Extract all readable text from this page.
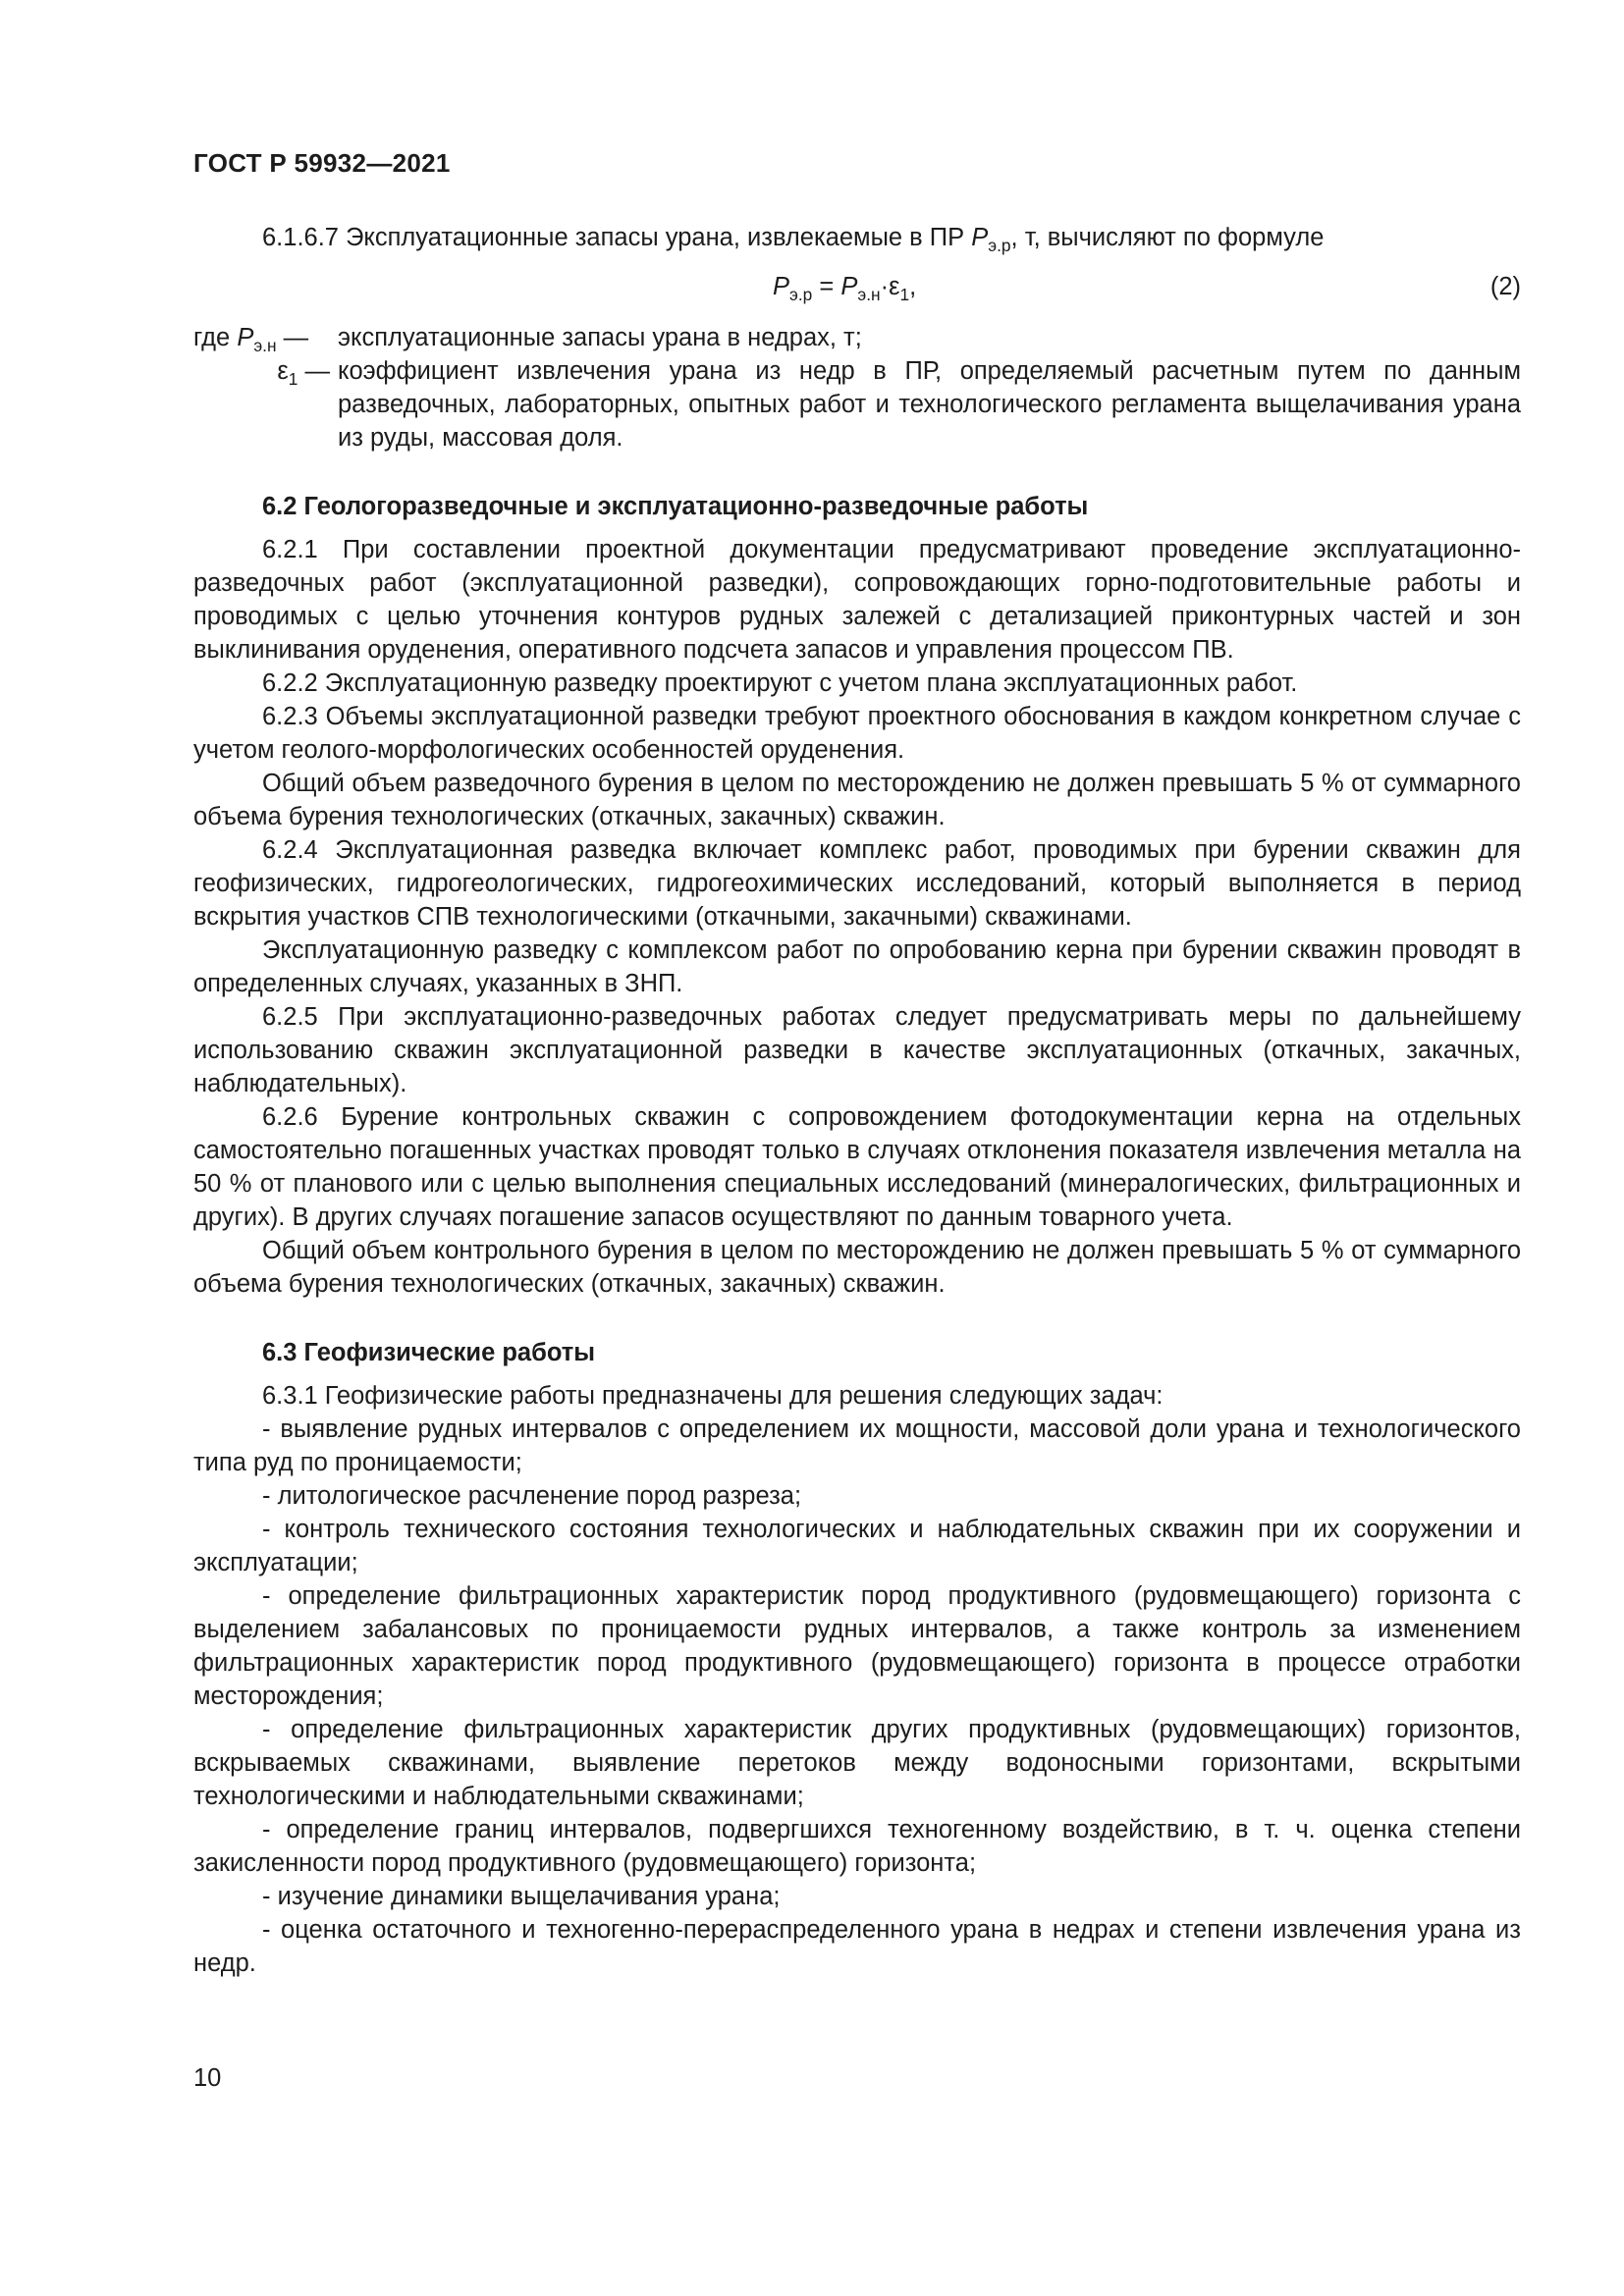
ГОСТ Р 59932—2021

6.1.6.7 Эксплуатационные запасы урана, извлекаемые в ПР $P_{э.р}$, т, вычисляют по формуле

$P_{э.р} = P_{э.н}\cdot\varepsilon_1$,	(2)
где $P_{э.н}$ —	эксплуатационные запасы урана в недрах, т;
$\varepsilon_1$ — коэффициент извлечения урана из недр в ПР, определяемый расчетным путем по данным разведочных, лабораторных, опытных работ и технологического регламента выщелачивания урана из руды, массовая доля.

6.2 Геологоразведочные и эксплуатационно-разведочные работы

6.2.1 При составлении проектной документации предусматривают проведение эксплуатационно-разведочных работ (эксплуатационной разведки), сопровождающих горно-подготовительные работы и проводимых с целью уточнения контуров рудных залежей с детализацией приконтурных частей и зон выклинивания оруденения, оперативного подсчета запасов и управления процессом ПВ.

6.2.2 Эксплуатационную разведку проектируют с учетом плана эксплуатационных работ.

6.2.3 Объемы эксплуатационной разведки требуют проектного обоснования в каждом конкретном случае с учетом геолого-морфологических особенностей оруденения.

Общий объем разведочного бурения в целом по месторождению не должен превышать 5 % от суммарного объема бурения технологических (откачных, закачных) скважин.

6.2.4 Эксплуатационная разведка включает комплекс работ, проводимых при бурении скважин для геофизических, гидрогеологических, гидрогеохимических исследований, который выполняется в период вскрытия участков СПВ технологическими (откачными, закачными) скважинами.

Эксплуатационную разведку с комплексом работ по опробованию керна при бурении скважин проводят в определенных случаях, указанных в ЗНП.

6.2.5 При эксплуатационно-разведочных работах следует предусматривать меры по дальнейшему использованию скважин эксплуатационной разведки в качестве эксплуатационных (откачных, закачных, наблюдательных).

6.2.6 Бурение контрольных скважин с сопровождением фотодокументации керна на отдельных самостоятельно погашенных участках проводят только в случаях отклонения показателя извлечения металла на 50 % от планового или с целью выполнения специальных исследований (минералогических, фильтрационных и других). В других случаях погашение запасов осуществляют по данным товарного учета.

Общий объем контрольного бурения в целом по месторождению не должен превышать 5 % от суммарного объема бурения технологических (откачных, закачных) скважин.

6.3 Геофизические работы

6.3.1 Геофизические работы предназначены для решения следующих задач:

- выявление рудных интервалов с определением их мощности, массовой доли урана и технологического типа руд по проницаемости;

- литологическое расчленение пород разреза;

- контроль технического состояния технологических и наблюдательных скважин при их сооружении и эксплуатации;

- определение фильтрационных характеристик пород продуктивного (рудовмещающего) горизонта с выделением забалансовых по проницаемости рудных интервалов, а также контроль за изменением фильтрационных характеристик пород продуктивного (рудовмещающего) горизонта в процессе отработки месторождения;

- определение фильтрационных характеристик других продуктивных (рудовмещающих) горизонтов, вскрываемых скважинами, выявление перетоков между водоносными горизонтами, вскрытыми технологическими и наблюдательными скважинами;

- определение границ интервалов, подвергшихся техногенному воздействию, в т. ч. оценка степени закисленности пород продуктивного (рудовмещающего) горизонта;

- изучение динамики выщелачивания урана;

- оценка остаточного и техногенно-перераспределенного урана в недрах и степени извлечения урана из недр.

10
